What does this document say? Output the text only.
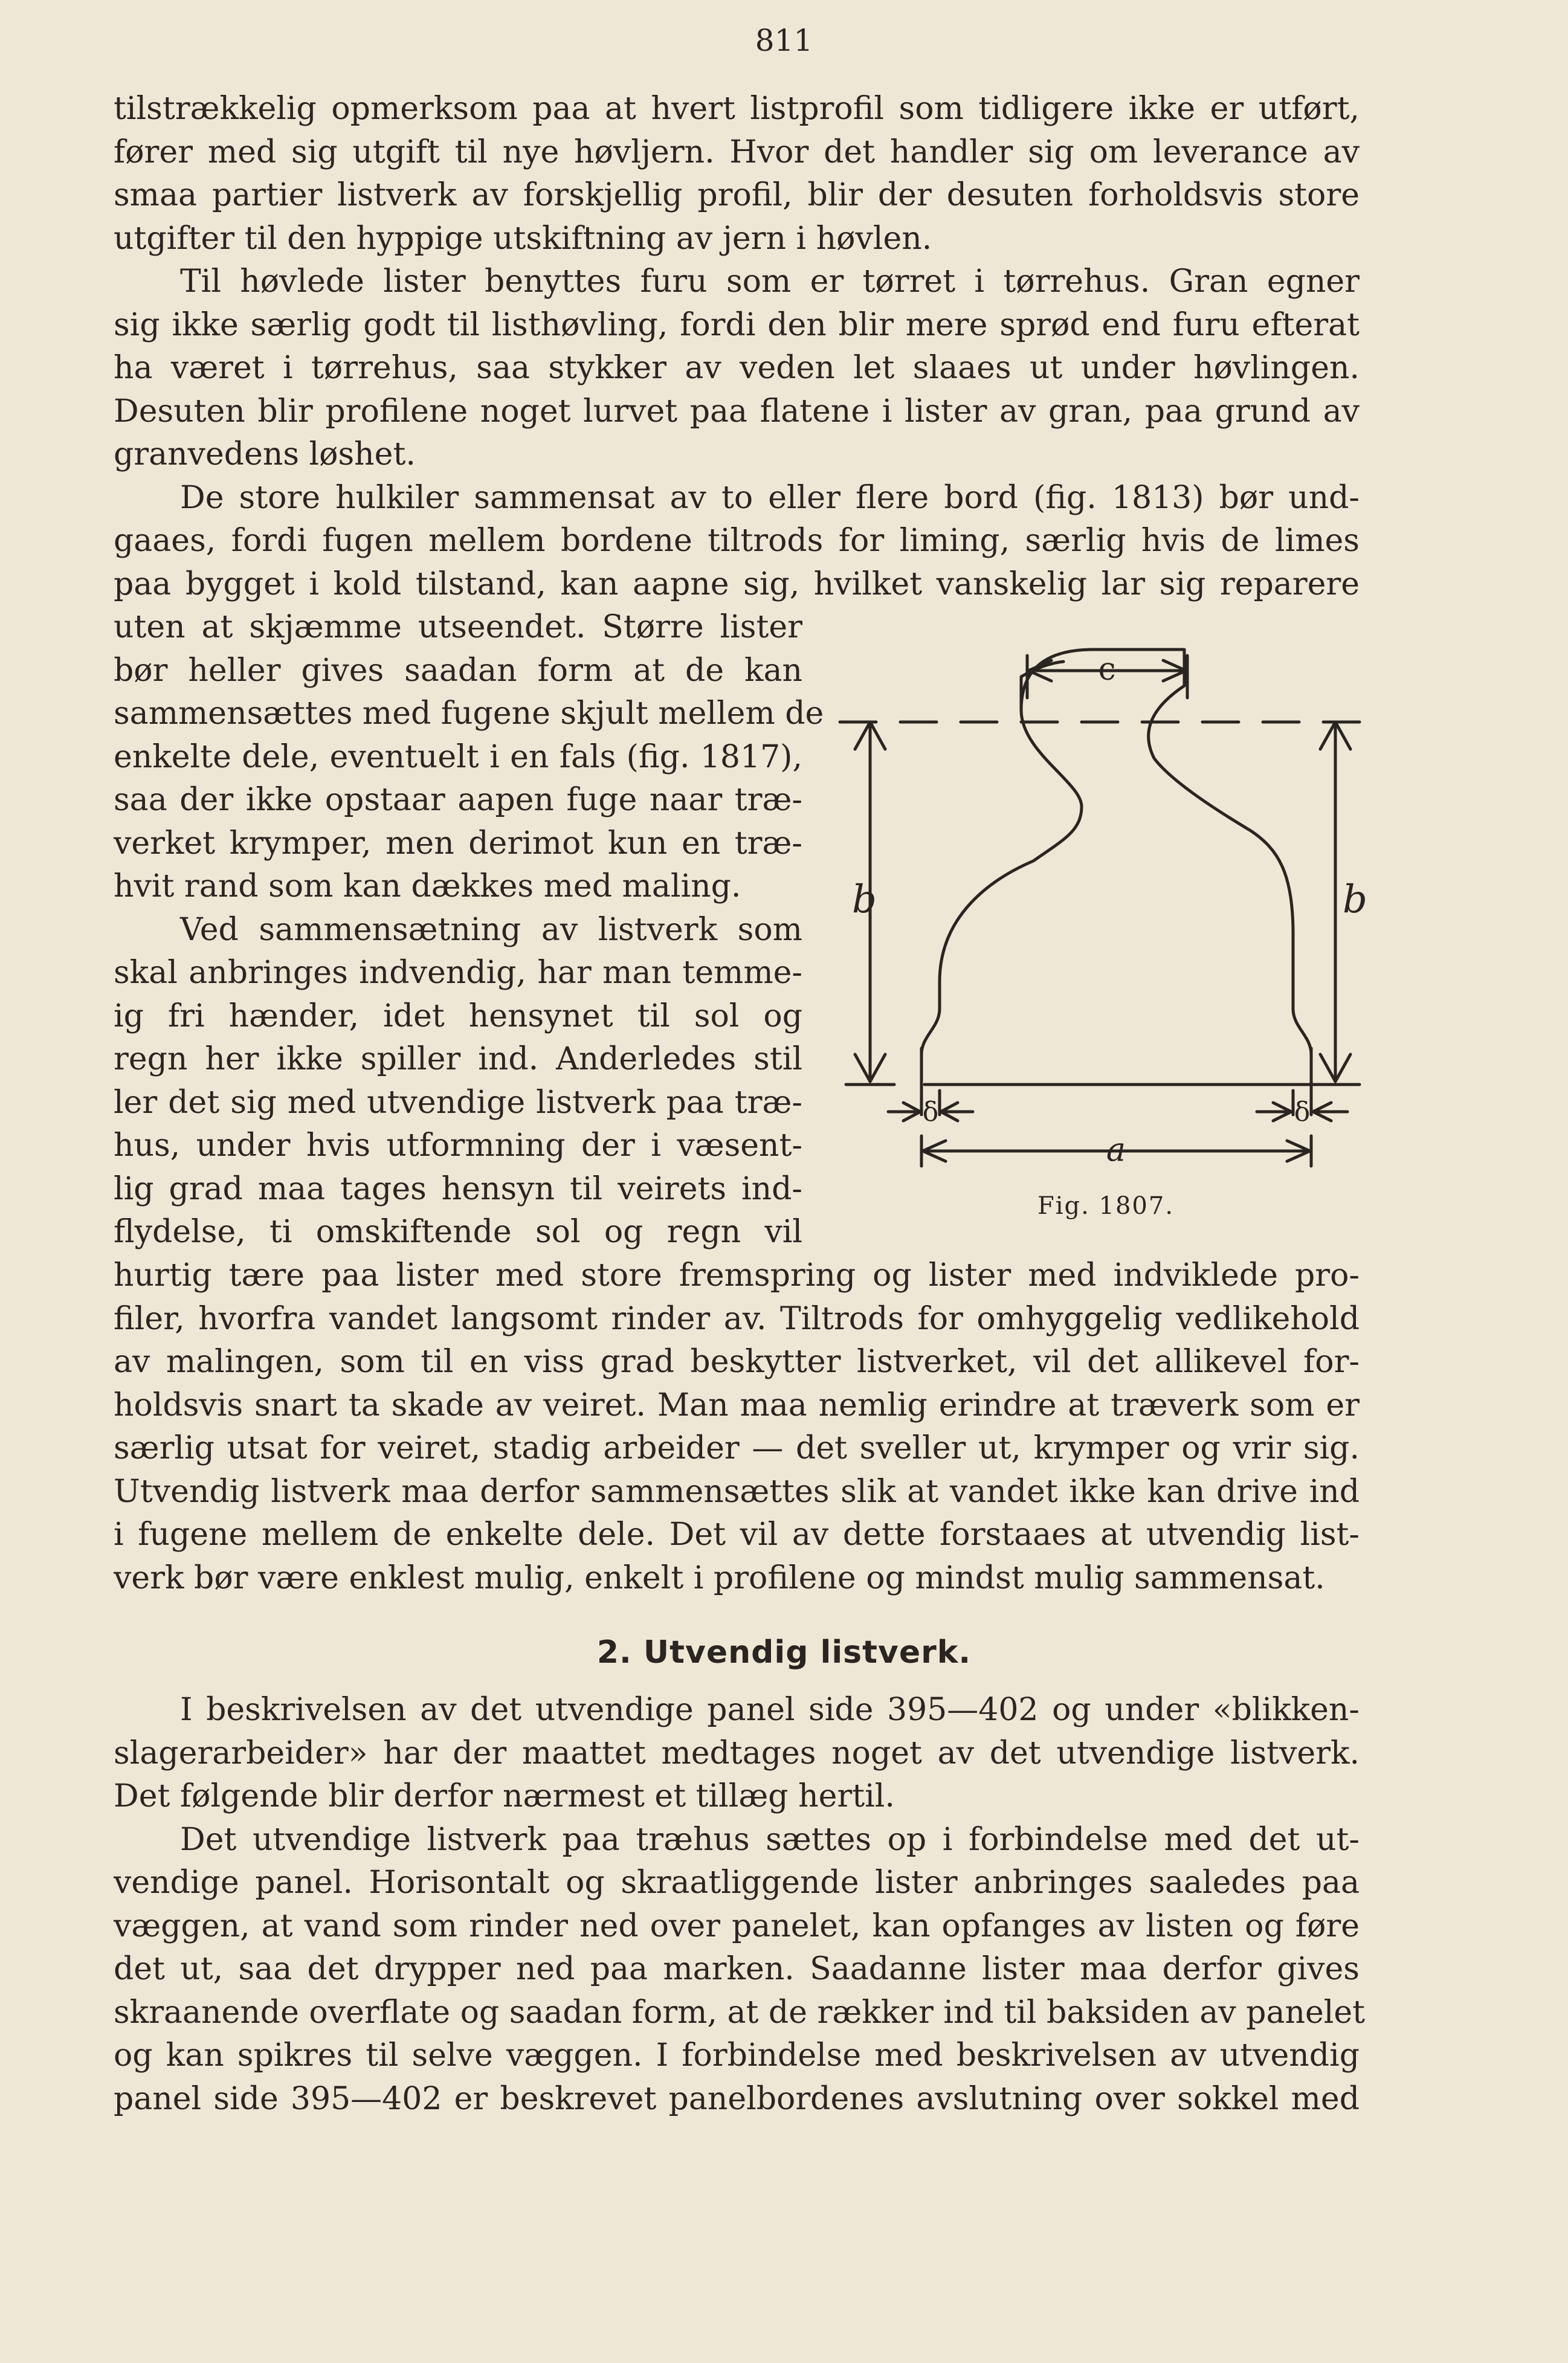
811

tilstrækkelig opmerksom paa at hvert listprofil som tidligere ikke er utført,

fører med sig utgift til nye høvljern. Hvor det handler sig om leverance av

smaa partier listverk av forskjellig profil, blir der desuten forholdsvis store

utgifter til den hyppige utskiftning av jern i høvlen.

Til høvlede lister benyttes furu som er tørret i tørrehus. Gran egner

sig ikke særlig godt til listhøvling, fordi den blir mere sprød end furu efterat

ha været i tørrehus, saa stykker av veden let slaaes ut under høvlingen.

Desuten blir profilene noget lurvet paa flatene i lister av gran, paa grund av

granvedens løshet.

De store hulkiler sammensat av to eller flere bord (fig. 1813) bør und-

gaaes, fordi fugen mellem bordene tiltrods for liming, særlig hvis de limes

paa bygget i kold tilstand, kan aapne sig, hvilket vanskelig lar sig reparere

uten at skjæmme utseendet. Større lister

bør heller gives saadan form at de kan

sammensættes med fugene skjult mellem de

enkelte dele, eventuelt i en fals (fig. 1817),

saa der ikke opstaar aapen fuge naar træ-

verket krymper, men derimot kun en træ-

hvit rand som kan dækkes med maling.

Ved sammensætning av listverk som

skal anbringes indvendig, har man temme-

ig fri hænder, idet hensynet til sol og

regn her ikke spiller ind. Anderledes stil

ler det sig med utvendige listverk paa træ-

hus, under hvis utformning der i væsent-

lig grad maa tages hensyn til veirets ind-

flydelse, ti omskiftende sol og regn vil

c
b	b
a
δ	δ
Fig. 1807.

hurtig tære paa lister med store fremspring og lister med indviklede pro-

filer, hvorfra vandet langsomt rinder av. Tiltrods for omhyggelig vedlikehold

av malingen, som til en viss grad beskytter listverket, vil det allikevel for-

holdsvis snart ta skade av veiret. Man maa nemlig erindre at træverk som er

særlig utsat for veiret, stadig arbeider — det sveller ut, krymper og vrir sig.

Utvendig listverk maa derfor sammensættes slik at vandet ikke kan drive ind

i fugene mellem de enkelte dele. Det vil av dette forstaaes at utvendig list-

verk bør være enklest mulig, enkelt i profilene og mindst mulig sammensat.

2. Utvendig listverk.

I beskrivelsen av det utvendige panel side 395—402 og under «blikken-

slagerarbeider» har der maattet medtages noget av det utvendige listverk.

Det følgende blir derfor nærmest et tillæg hertil.

Det utvendige listverk paa træhus sættes op i forbindelse med det ut-

vendige panel. Horisontalt og skraatliggende lister anbringes saaledes paa

væggen, at vand som rinder ned over panelet, kan opfanges av listen og føre

det ut, saa det drypper ned paa marken. Saadanne lister maa derfor gives

skraanende overflate og saadan form, at de rækker ind til baksiden av panelet

og kan spikres til selve væggen. I forbindelse med beskrivelsen av utvendig

panel side 395—402 er beskrevet panelbordenes avslutning over sokkel med
